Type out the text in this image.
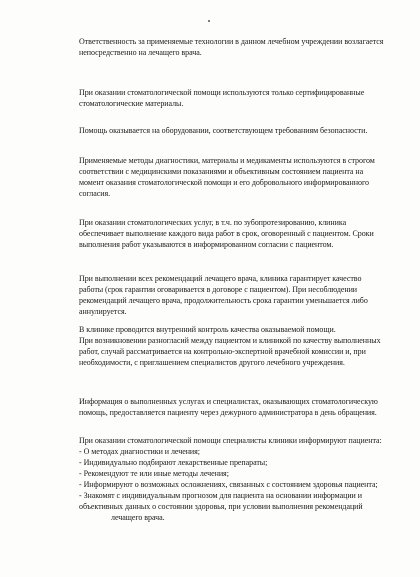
Ответственность за применяемые технологии в данном лечебном учреждении возлагается
непосредственно на лечащего врача.

При оказании стоматологической помощи используются только сертифицированные
стоматологические материалы.

Помощь оказывается на оборудовании, соответствующем требованиям безопасности.

Применяемые методы диагностики, материалы и медикаменты используются в строгом
соответствии с медицинскими показаниями и объективным состоянием пациента на
момент оказания стоматологической помощи и его добровольного информированного
согласия.

При оказании стоматологических услуг, в т.ч. по зубопротезированию, клиника
обеспечивает выполнение каждого вида работ в срок, оговоренный с пациентом. Сроки
выполнения работ указываются в информированном согласии с пациентом.

При выполнении всех рекомендаций лечащего врача, клиника гарантирует качество
работы (срок гарантии оговаривается в договоре с пациентом). При несоблюдении
рекомендаций лечащего врача, продолжительность срока гарантии уменьшается либо
аннулируется.

В клинике проводится внутренний контроль качества оказываемой помощи.
При возникновении разногласий между пациентом и клиникой по качеству выполненных
работ, случай рассматривается на контрольно-экспертной врачебной комиссии и, при
необходимости, с приглашением специалистов другого лечебного учреждения.

Информация о выполненных услугах и специалистах, оказывающих стоматологическую
помощь, предоставляется пациенту через дежурного администратора в день обращения.

При оказании стоматологической помощи специалисты клиники информируют пациента:
- О методах диагностики и лечения;
- Индивидуально подбирают лекарственные препараты;
- Рекомендуют те или иные методы лечения;
- Информируют о возможных осложнениях, связанных с состоянием здоровья пациента;
- Знакомят с индивидуальным прогнозом для пациента на основании информации и
объективных данных о состоянии здоровья, при условии выполнения рекомендаций
лечащего врача.
